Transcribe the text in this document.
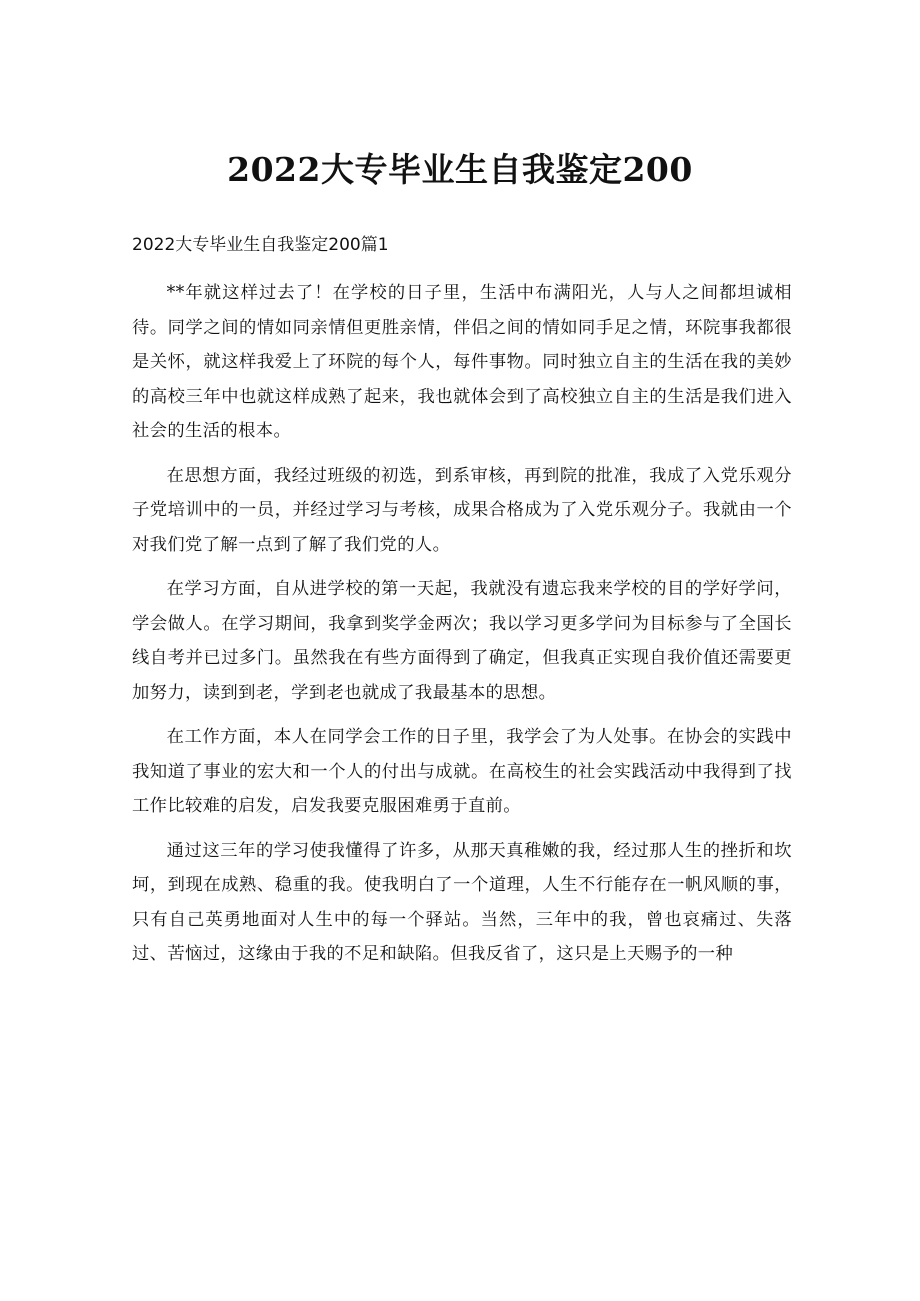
2022大专毕业生自我鉴定200

2022大专毕业生自我鉴定200篇1

**年就这样过去了！在学校的日子里，生活中布满阳光，人与人之间都坦诚相待。同学之间的情如同亲情但更胜亲情，伴侣之间的情如同手足之情，环院事我都很是关怀，就这样我爱上了环院的每个人，每件事物。同时独立自主的生活在我的美妙的高校三年中也就这样成熟了起来，我也就体会到了高校独立自主的生活是我们进入社会的生活的根本。

在思想方面，我经过班级的初选，到系审核，再到院的批准，我成了入党乐观分子党培训中的一员，并经过学习与考核，成果合格成为了入党乐观分子。我就由一个对我们党了解一点到了解了我们党的人。

在学习方面，自从进学校的第一天起，我就没有遗忘我来学校的目的学好学问，学会做人。在学习期间，我拿到奖学金两次；我以学习更多学问为目标参与了全国长线自考并已过多门。虽然我在有些方面得到了确定，但我真正实现自我价值还需要更加努力，读到到老，学到老也就成了我最基本的思想。

在工作方面，本人在同学会工作的日子里，我学会了为人处事。在协会的实践中我知道了事业的宏大和一个人的付出与成就。在高校生的社会实践活动中我得到了找工作比较难的启发，启发我要克服困难勇于直前。

通过这三年的学习使我懂得了许多，从那天真稚嫩的我，经过那人生的挫折和坎坷，到现在成熟、稳重的我。使我明白了一个道理，人生不行能存在一帆风顺的事，只有自己英勇地面对人生中的每一个驿站。当然，三年中的我，曾也哀痛过、失落过、苦恼过，这缘由于我的不足和缺陷。但我反省了，这只是上天赐予的一种
